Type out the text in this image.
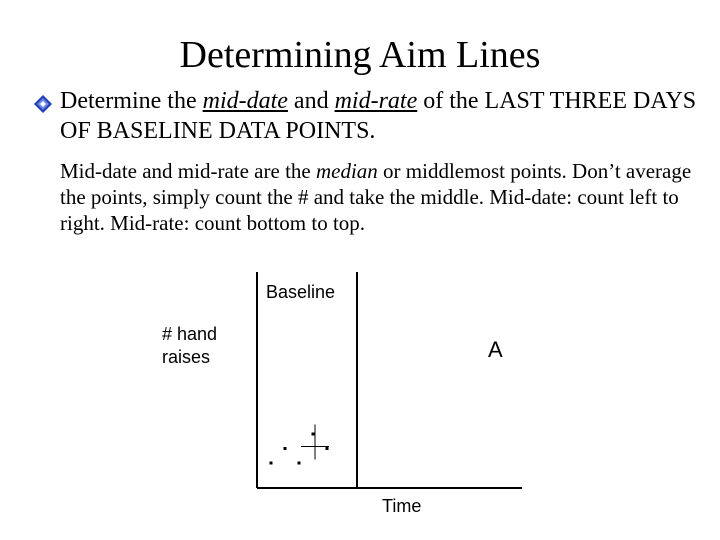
Determining Aim Lines
Determine the mid-date and mid-rate of the LAST THREE DAYS OF BASELINE DATA POINTS.
Mid-date and mid-rate are the median or middlemost points. Don’t average the points, simply count the # and take the middle. Mid-date: count left to right. Mid-rate: count bottom to top.
Baseline
# hand raises	A
Time
